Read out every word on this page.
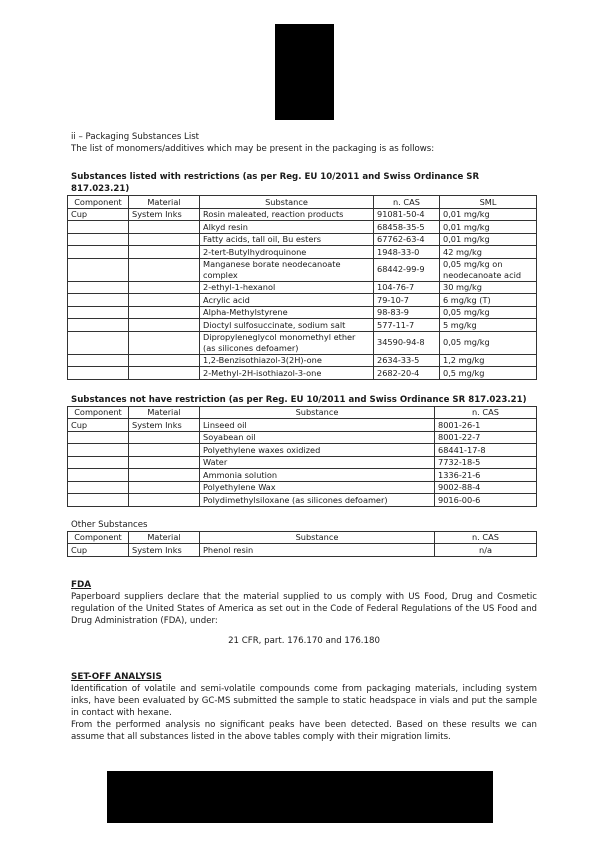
ii – Packaging Substances List
The list of monomers/additives which may be present in the packaging is as follows:
Substances listed with restrictions (as per Reg. EU 10/2011 and Swiss Ordinance SR 817.023.21)
Component	Material	Substance	n. CAS	SML
Cup	System Inks	Rosin maleated, reaction products	91081-50-4	0,01 mg/kg
		Alkyd resin	68458-35-5	0,01 mg/kg
		Fatty acids, tall oil, Bu esters	67762-63-4	0,01 mg/kg
		2-tert-Butylhydroquinone	1948-33-0	42 mg/kg
		Manganese borate neodecanoate complex	68442-99-9	0,05 mg/kg on neodecanoate acid
		2-ethyl-1-hexanol	104-76-7	30 mg/kg
		Acrylic acid	79-10-7	6 mg/kg (T)
		Alpha-Methylstyrene	98-83-9	0,05 mg/kg
		Dioctyl sulfosuccinate, sodium salt	577-11-7	5 mg/kg
		Dipropyleneglycol monomethyl ether (as silicones defoamer)	34590-94-8	0,05 mg/kg
		1,2-Benzisothiazol-3(2H)-one	2634-33-5	1,2 mg/kg
		2-Methyl-2H-isothiazol-3-one	2682-20-4	0,5 mg/kg
Substances not have restriction (as per Reg. EU 10/2011 and Swiss Ordinance SR 817.023.21)
Component	Material	Substance	n. CAS
Cup	System Inks	Linseed oil	8001-26-1
		Soyabean oil	8001-22-7
		Polyethylene waxes oxidized	68441-17-8
		Water	7732-18-5
		Ammonia solution	1336-21-6
		Polyethylene Wax	9002-88-4
		Polydimethylsiloxane (as silicones defoamer)	9016-00-6
Other Substances
Component	Material	Substance	n. CAS
Cup	System Inks	Phenol resin	n/a
FDA
Paperboard suppliers declare that the material supplied to us comply with US Food, Drug and Cosmetic regulation of the United States of America as set out in the Code of Federal Regulations of the US Food and Drug Administration (FDA), under:
21 CFR, part. 176.170 and 176.180
SET-OFF ANALYSIS
Identification of volatile and semi-volatile compounds come from packaging materials, including system inks, have been evaluated by GC-MS submitted the sample to static headspace in vials and put the sample in contact with hexane.
From the performed analysis no significant peaks have been detected. Based on these results we can assume that all substances listed in the above tables comply with their migration limits.
